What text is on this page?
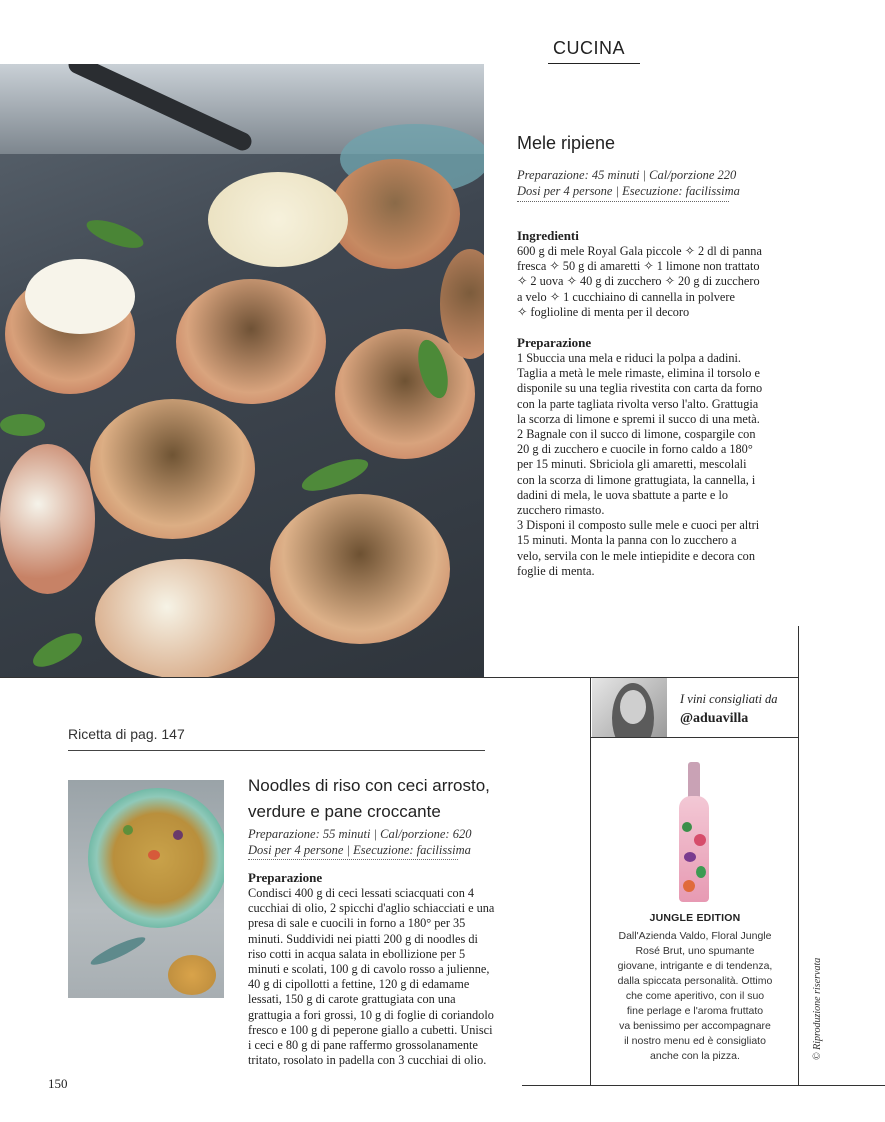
CUCINA
Mele ripiene
Preparazione: 45 minuti | Cal/porzione 220
Dosi per 4 persone | Esecuzione: facilissima
Ingredienti
600 g di mele Royal Gala piccole ✧ 2 dl di panna
fresca ✧ 50 g di amaretti ✧ 1 limone non trattato
✧ 2 uova ✧ 40 g di zucchero ✧ 20 g di zucchero
a velo ✧ 1 cucchiaino di cannella in polvere
✧ foglioline di menta per il decoro
Preparazione
1 Sbuccia una mela e riduci la polpa a dadini.
Taglia a metà le mele rimaste, elimina il torsolo e
disponile su una teglia rivestita con carta da forno
con la parte tagliata rivolta verso l'alto. Grattugia
la scorza di limone e spremi il succo di una metà.
2 Bagnale con il succo di limone, cospargile con
20 g di zucchero e cuocile in forno caldo a 180°
per 15 minuti. Sbriciola gli amaretti, mescolali
con la scorza di limone grattugiata, la cannella, i
dadini di mela, le uova sbattute a parte e lo
zucchero rimasto.
3 Disponi il composto sulle mele e cuoci per altri
15 minuti. Monta la panna con lo zucchero a
velo, servila con le mele intiepidite e decora con
foglie di menta.
I vini consigliati da
@aduavilla
JUNGLE EDITION
Dall'Azienda Valdo, Floral Jungle
Rosé Brut, uno spumante
giovane, intrigante e di tendenza,
dalla spiccata personalità. Ottimo
che come aperitivo, con il suo
fine perlage e l'aroma fruttato
va benissimo per accompagnare
il nostro menu ed è consigliato
anche con la pizza.
Ricetta di pag. 147
Noodles di riso con ceci arrosto,
verdure e pane croccante
Preparazione: 55 minuti | Cal/porzione: 620
Dosi per 4 persone | Esecuzione: facilissima
Preparazione
Condisci 400 g di ceci lessati sciacquati con 4
cucchiai di olio, 2 spicchi d'aglio schiacciati e una
presa di sale e cuocili in forno a 180° per 35
minuti. Suddividi nei piatti 200 g di noodles di
riso cotti in acqua salata in ebollizione per 5
minuti e scolati, 100 g di cavolo rosso a julienne,
40 g di cipollotti a fettine, 120 g di edamame
lessati, 150 g di carote grattugiata con una
grattugia a fori grossi, 10 g di foglie di coriandolo
fresco e 100 g di peperone giallo a cubetti. Unisci
i ceci e 80 g di pane raffermo grossolanamente
tritato, rosolato in padella con 3 cucchiai di olio.
150
© Riproduzione riservata
